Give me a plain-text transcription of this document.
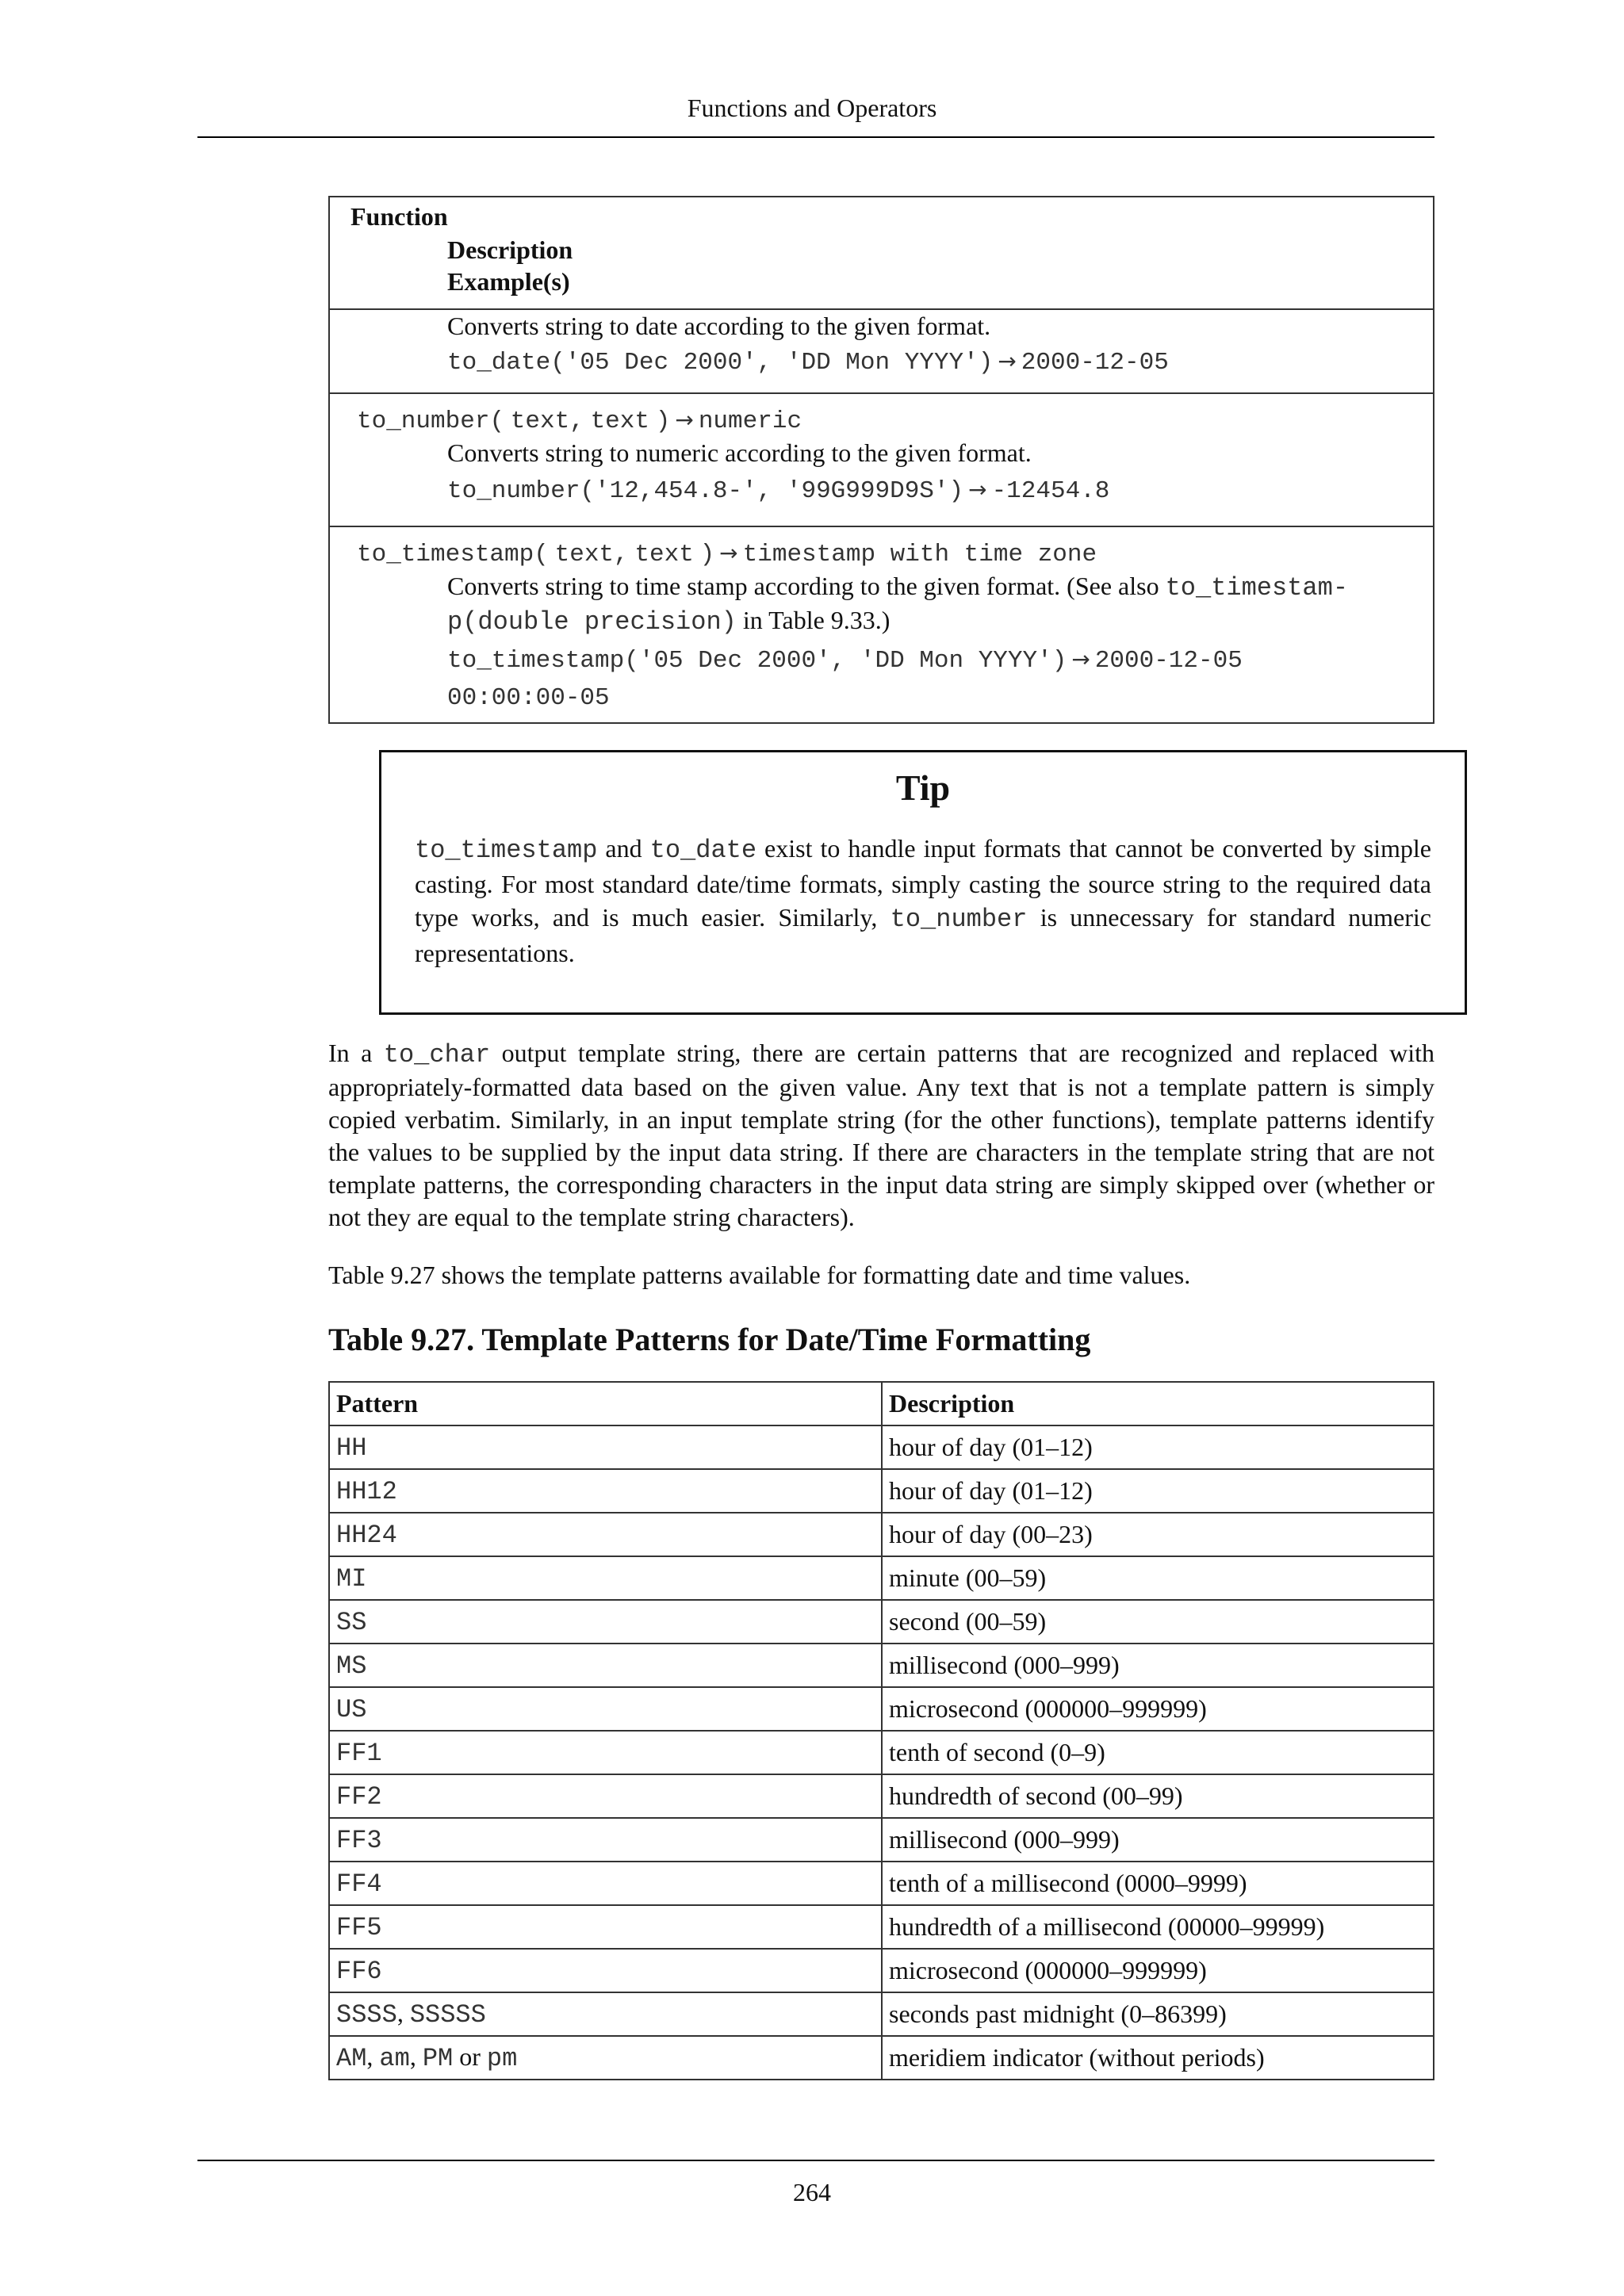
Functions and Operators
Function
Description
Example(s)
Converts string to date according to the given format.
to_date('05 Dec 2000', 'DD Mon YYYY') → 2000-12-05
to_number( text, text ) → numeric
Converts string to numeric according to the given format.
to_number('12,454.8-', '99G999D9S') → -12454.8
to_timestamp( text, text ) → timestamp with time zone
Converts string to time stamp according to the given format. (See also to_timestam-
p(double precision) in Table 9.33.)
to_timestamp('05 Dec 2000', 'DD Mon YYYY') → 2000-12-05
00:00:00-05
Tip
to_timestamp and to_date exist to handle input formats that cannot be converted by simple casting. For most standard date/time formats, simply casting the source string to the required data type works, and is much easier. Similarly, to_number is unnecessary for standard numeric representations.
In a to_char output template string, there are certain patterns that are recognized and replaced with appropriately-formatted data based on the given value. Any text that is not a template pattern is simply copied verbatim. Similarly, in an input template string (for the other functions), template patterns identify the values to be supplied by the input data string. If there are characters in the template string that are not template patterns, the corresponding characters in the input data string are simply skipped over (whether or not they are equal to the template string characters).
Table 9.27 shows the template patterns available for formatting date and time values.
Table 9.27. Template Patterns for Date/Time Formatting
Pattern	Description
HH	hour of day (01–12)
HH12	hour of day (01–12)
HH24	hour of day (00–23)
MI	minute (00–59)
SS	second (00–59)
MS	millisecond (000–999)
US	microsecond (000000–999999)
FF1	tenth of second (0–9)
FF2	hundredth of second (00–99)
FF3	millisecond (000–999)
FF4	tenth of a millisecond (0000–9999)
FF5	hundredth of a millisecond (00000–99999)
FF6	microsecond (000000–999999)
SSSS, SSSSS	seconds past midnight (0–86399)
AM, am, PM or pm	meridiem indicator (without periods)
264
